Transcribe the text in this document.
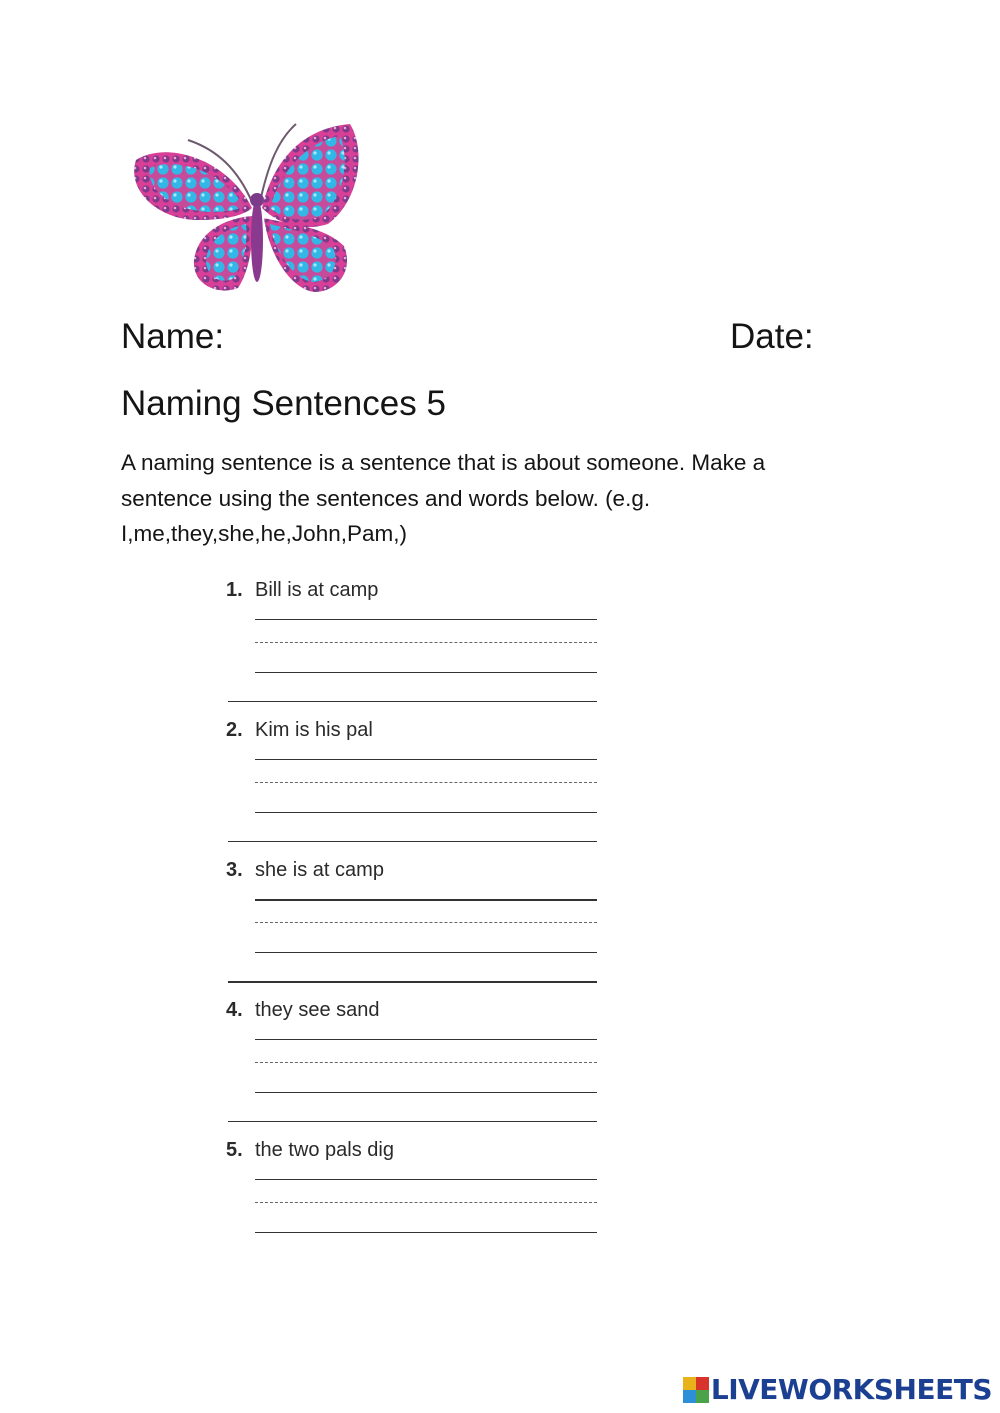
Name:	Date:
Naming Sentences 5
A naming sentence is a sentence that is about someone. Make a sentence using the sentences and words below. (e.g. I,me,they,she,he,John,Pam,)
1. Bill is at camp
2. Kim is his pal
3. she is at camp
4. they see sand
5. the two pals dig
LIVEWORKSHEETS
